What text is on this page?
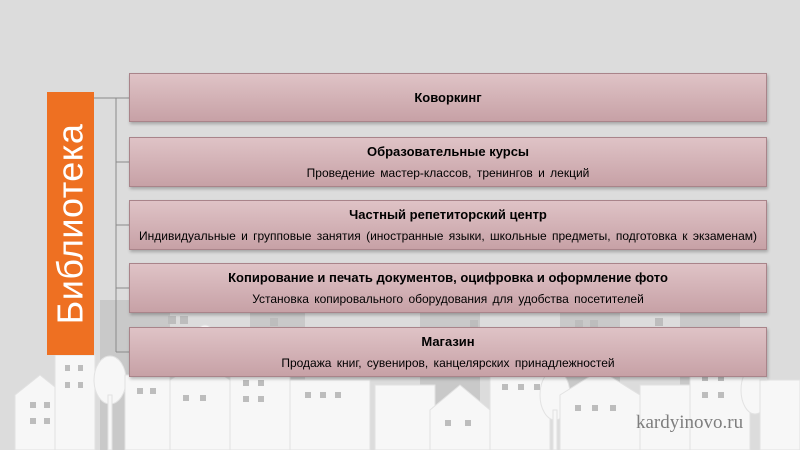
Библиотека
Коворкинг
Образовательные курсы
Проведение мастер-классов, тренингов и лекций
Частный репетиторский центр
Индивидуальные и групповые занятия (иностранные языки, школьные предметы, подготовка к экзаменам)
Копирование и печать документов, оцифровка и оформление фото
Установка копировального оборудования для удобства посетителей
Магазин
Продажа книг, сувениров, канцелярских принадлежностей
kardyinovo.ru
